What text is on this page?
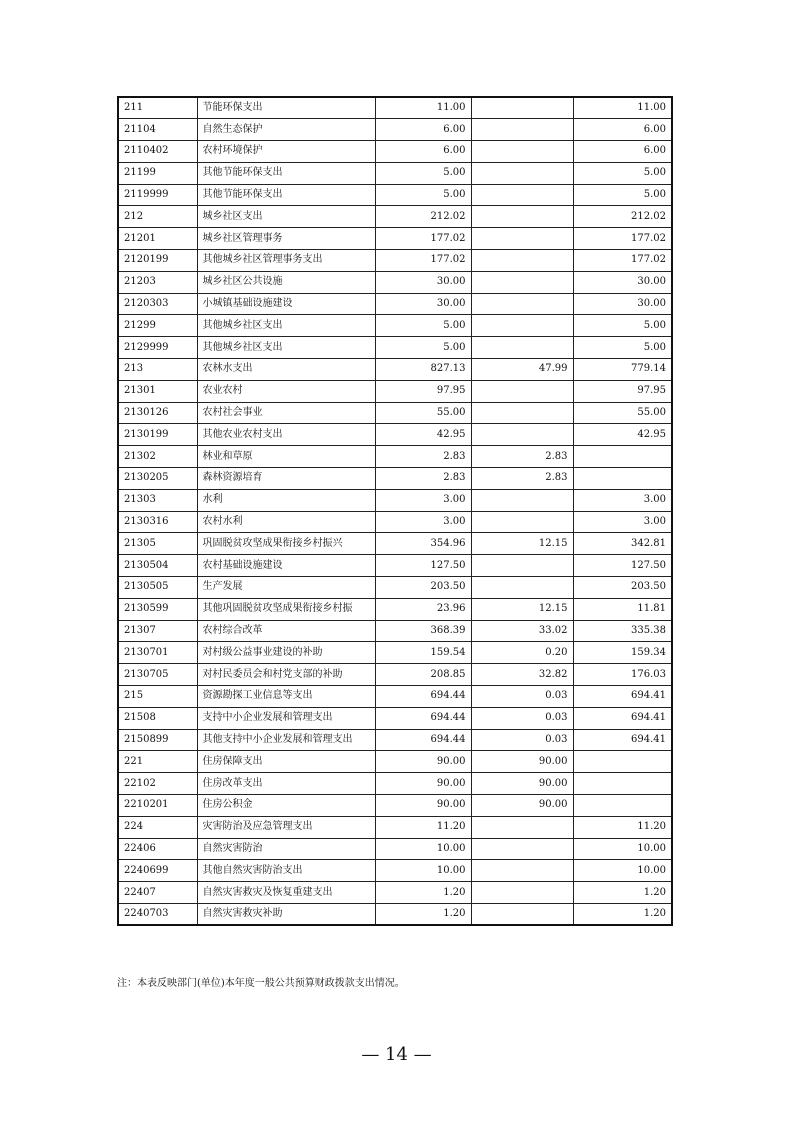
211	节能环保支出	11.00		11.00
21104	自然生态保护	6.00		6.00
2110402	农村环境保护	6.00		6.00
21199	其他节能环保支出	5.00		5.00
2119999	其他节能环保支出	5.00		5.00
212	城乡社区支出	212.02		212.02
21201	城乡社区管理事务	177.02		177.02
2120199	其他城乡社区管理事务支出	177.02		177.02
21203	城乡社区公共设施	30.00		30.00
2120303	小城镇基础设施建设	30.00		30.00
21299	其他城乡社区支出	5.00		5.00
2129999	其他城乡社区支出	5.00		5.00
213	农林水支出	827.13	47.99	779.14
21301	农业农村	97.95		97.95
2130126	农村社会事业	55.00		55.00
2130199	其他农业农村支出	42.95		42.95
21302	林业和草原	2.83	2.83	
2130205	森林资源培育	2.83	2.83	
21303	水利	3.00		3.00
2130316	农村水利	3.00		3.00
21305	巩固脱贫攻坚成果衔接乡村振兴	354.96	12.15	342.81
2130504	农村基础设施建设	127.50		127.50
2130505	生产发展	203.50		203.50
2130599	其他巩固脱贫攻坚成果衔接乡村振	23.96	12.15	11.81
21307	农村综合改革	368.39	33.02	335.38
2130701	对村级公益事业建设的补助	159.54	0.20	159.34
2130705	对村民委员会和村党支部的补助	208.85	32.82	176.03
215	资源勘探工业信息等支出	694.44	0.03	694.41
21508	支持中小企业发展和管理支出	694.44	0.03	694.41
2150899	其他支持中小企业发展和管理支出	694.44	0.03	694.41
221	住房保障支出	90.00	90.00	
22102	住房改革支出	90.00	90.00	
2210201	住房公积金	90.00	90.00	
224	灾害防治及应急管理支出	11.20		11.20
22406	自然灾害防治	10.00		10.00
2240699	其他自然灾害防治支出	10.00		10.00
22407	自然灾害救灾及恢复重建支出	1.20		1.20
2240703	自然灾害救灾补助	1.20		1.20
注：本表反映部门(单位)本年度一般公共预算财政拨款支出情况。
— 14 —
